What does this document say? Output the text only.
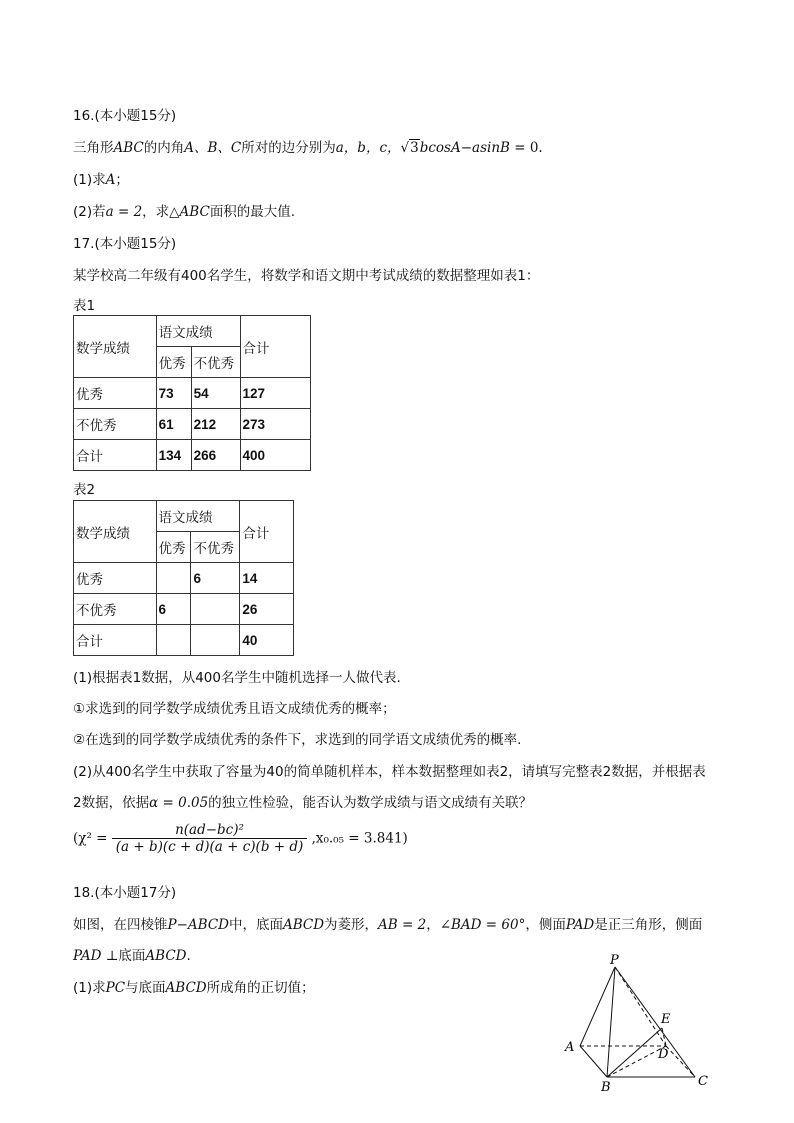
16.(本小题15分)
三角形ABC的内角A、B、C所对的边分别为a，b，c，√3bcosA−asinB = 0.
(1)求A；
(2)若a = 2，求△ABC面积的最大值.
17.(本小题15分)
某学校高二年级有400名学生，将数学和语文期中考试成绩的数据整理如表1：
表1
数学成绩	语文成绩		合计
	优秀	不优秀	
优秀	73	54	127
不优秀	61	212	273
合计	134	266	400
表2
数学成绩	语文成绩		合计
	优秀	不优秀	
优秀		6	14
不优秀	6		26
合计			40
(1)根据表1数据，从400名学生中随机选择一人做代表.
①求选到的同学数学成绩优秀且语文成绩优秀的概率；
②在选到的同学数学成绩优秀的条件下，求选到的同学语文成绩优秀的概率.
(2)从400名学生中获取了容量为40的简单随机样本，样本数据整理如表2，请填写完整表2数据，并根据表
2数据，依据α = 0.05的独立性检验，能否认为数学成绩与语文成绩有关联？
$(\chi^2 = \frac{\text{n(ad−bc)²}}{(a + b)(c + d)(a + c)(b + d)} ,x_0._{05} = 3.841)$
18.(本小题17分)
如图，在四棱锥P−ABCD中，底面ABCD为菱形，AB = 2，∠BAD = 60°，侧面PAD是正三角形，侧面
PAD ⊥底面ABCD.
(1)求PC与底面ABCD所成角的正切值；
P
A
B	C
D
E
